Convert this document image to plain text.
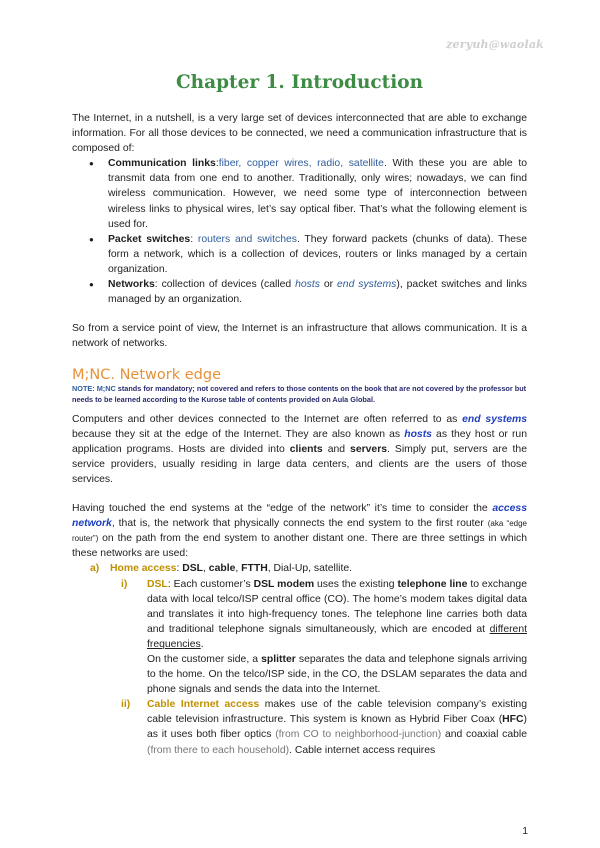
zeryuh@waolak
Chapter 1. Introduction

The Internet, in a nutshell, is a very large set of devices interconnected that are able to exchange information. For all those devices to be connected, we need a communication infrastructure that is composed of:

● Communication links:fiber, copper wires, radio, satellite. With these you are able to transmit data from one end to another. Traditionally, only wires; nowadays, we can find wireless communication. However, we need some type of interconnection between wireless links to physical wires, let’s say optical fiber. That’s what the following element is used for.
● Packet switches: routers and switches. They forward packets (chunks of data). These form a network, which is a collection of devices, routers or links managed by a certain organization.
● Networks: collection of devices (called hosts or end systems), packet switches and links managed by an organization.

So from a service point of view, the Internet is an infrastructure that allows communication. It is a network of networks.

M;NC. Network edge

NOTE: M;NC stands for mandatory; not covered and refers to those contents on the book that are not covered by the professor but needs to be learned according to the Kurose table of contents provided on Aula Global.

Computers and other devices connected to the Internet are often referred to as end systems because they sit at the edge of the Internet. They are also known as hosts as they host or run application programs. Hosts are divided into clients and servers. Simply put, servers are the service providers, usually residing in large data centers, and clients are the users of those services.

Having touched the end systems at the “edge of the network” it’s time to consider the access network, that is, the network that physically connects the end system to the first router (aka “edge router”) on the path from the end system to another distant one. There are three settings in which these networks are used:

a) Home access: DSL, cable, FTTH, Dial-Up, satellite.
i) DSL: Each customer’s DSL modem uses the existing telephone line to exchange data with local telco/ISP central office (CO). The home’s modem takes digital data and translates it into high-frequency tones. The telephone line carries both data and traditional telephone signals simultaneously, which are encoded at different frequencies.

On the customer side, a splitter separates the data and telephone signals arriving to the home. On the telco/ISP side, in the CO, the DSLAM separates the data and phone signals and sends the data into the Internet.

ii) Cable Internet access makes use of the cable television company’s existing cable television infrastructure. This system is known as Hybrid Fiber Coax (HFC) as it uses both fiber optics (from CO to neighborhood-junction) and coaxial cable (from there to each household). Cable internet access requires
1
